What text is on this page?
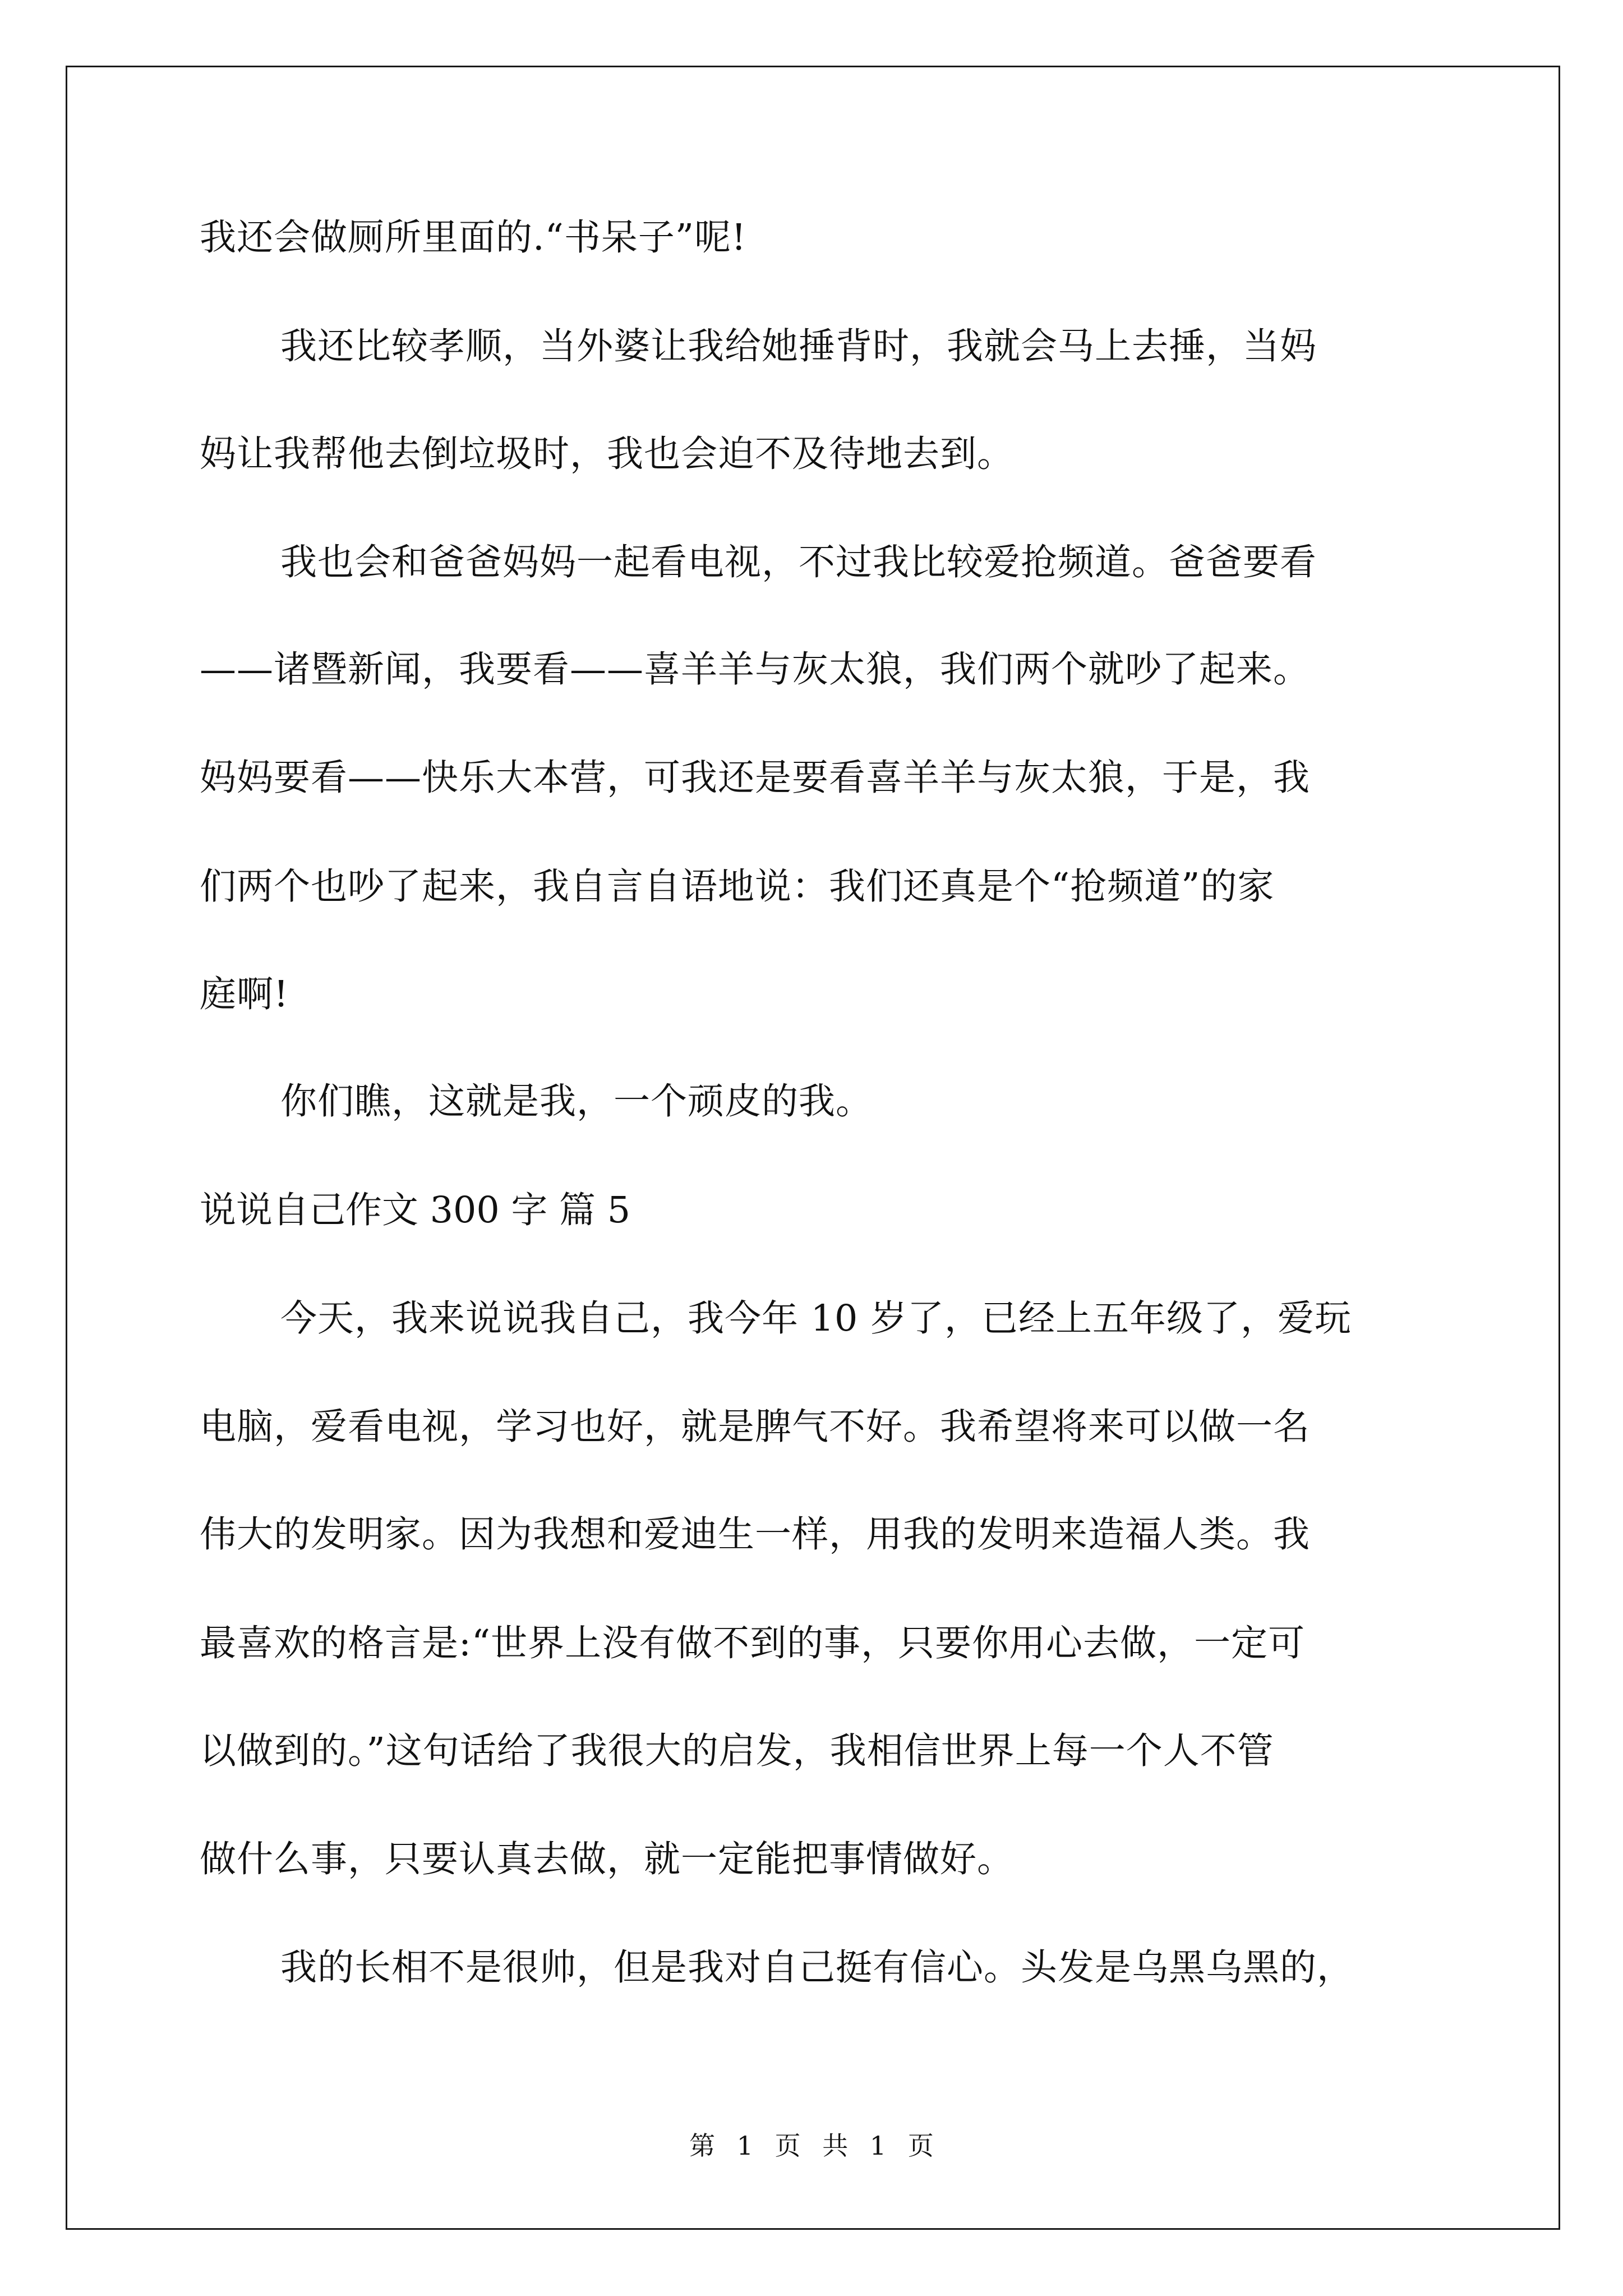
我还会做厕所里面的.“书呆子”呢!
我还比较孝顺，当外婆让我给她捶背时，我就会马上去捶，当妈
妈让我帮他去倒垃圾时，我也会迫不及待地去到。
我也会和爸爸妈妈一起看电视，不过我比较爱抢频道。爸爸要看
——诸暨新闻，我要看——喜羊羊与灰太狼，我们两个就吵了起来。
妈妈要看——快乐大本营，可我还是要看喜羊羊与灰太狼，于是，我
们两个也吵了起来，我自言自语地说：我们还真是个“抢频道”的家
庭啊!
你们瞧，这就是我，一个顽皮的我。
说说自己作文 300 字 篇 5
今天，我来说说我自己，我今年 10 岁了，已经上五年级了，爱玩
电脑，爱看电视，学习也好，就是脾气不好。我希望将来可以做一名
伟大的发明家。因为我想和爱迪生一样，用我的发明来造福人类。我
最喜欢的格言是:“世界上没有做不到的事，只要你用心去做，一定可
以做到的。”这句话给了我很大的启发，我相信世界上每一个人不管
做什么事，只要认真去做，就一定能把事情做好。
我的长相不是很帅，但是我对自己挺有信心。头发是乌黑乌黑的，
第 1 页 共 1 页
